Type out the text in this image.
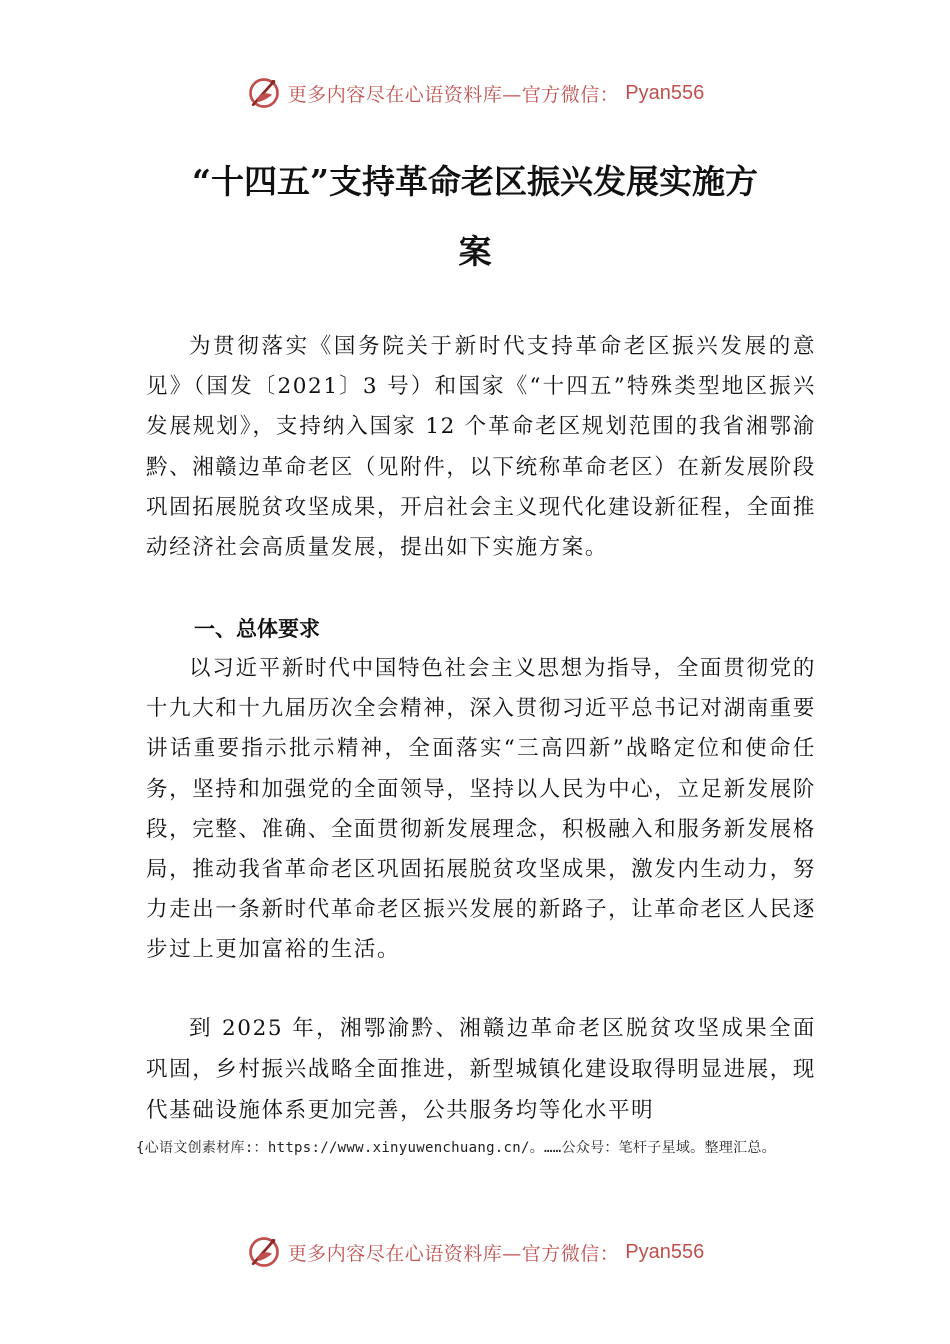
更多内容尽在心语资料库—官方微信： Pyan556
“十四五”支持革命老区振兴发展实施方
案

为贯彻落实《国务院关于新时代支持革命老区振兴发展的意见》（国发〔2021〕3 号）和国家《“十四五”特殊类型地区振兴发展规划》，支持纳入国家 12 个革命老区规划范围的我省湘鄂渝黔、湘赣边革命老区（见附件，以下统称革命老区）在新发展阶段巩固拓展脱贫攻坚成果，开启社会主义现代化建设新征程，全面推动经济社会高质量发展，提出如下实施方案。

一、总体要求

以习近平新时代中国特色社会主义思想为指导，全面贯彻党的十九大和十九届历次全会精神，深入贯彻习近平总书记对湖南重要讲话重要指示批示精神，全面落实“三高四新”战略定位和使命任务，坚持和加强党的全面领导，坚持以人民为中心，立足新发展阶段，完整、准确、全面贯彻新发展理念，积极融入和服务新发展格局，推动我省革命老区巩固拓展脱贫攻坚成果，激发内生动力，努力走出一条新时代革命老区振兴发展的新路子，让革命老区人民逐步过上更加富裕的生活。

到 2025 年，湘鄂渝黔、湘赣边革命老区脱贫攻坚成果全面巩固，乡村振兴战略全面推进，新型城镇化建设取得明显进展，现代基础设施体系更加完善，公共服务均等化水平明

{心语文创素材库:：https://www.xinyuwenchuang.cn/。……公众号：笔杆子星域。整理汇总。

更多内容尽在心语资料库—官方微信： Pyan556
